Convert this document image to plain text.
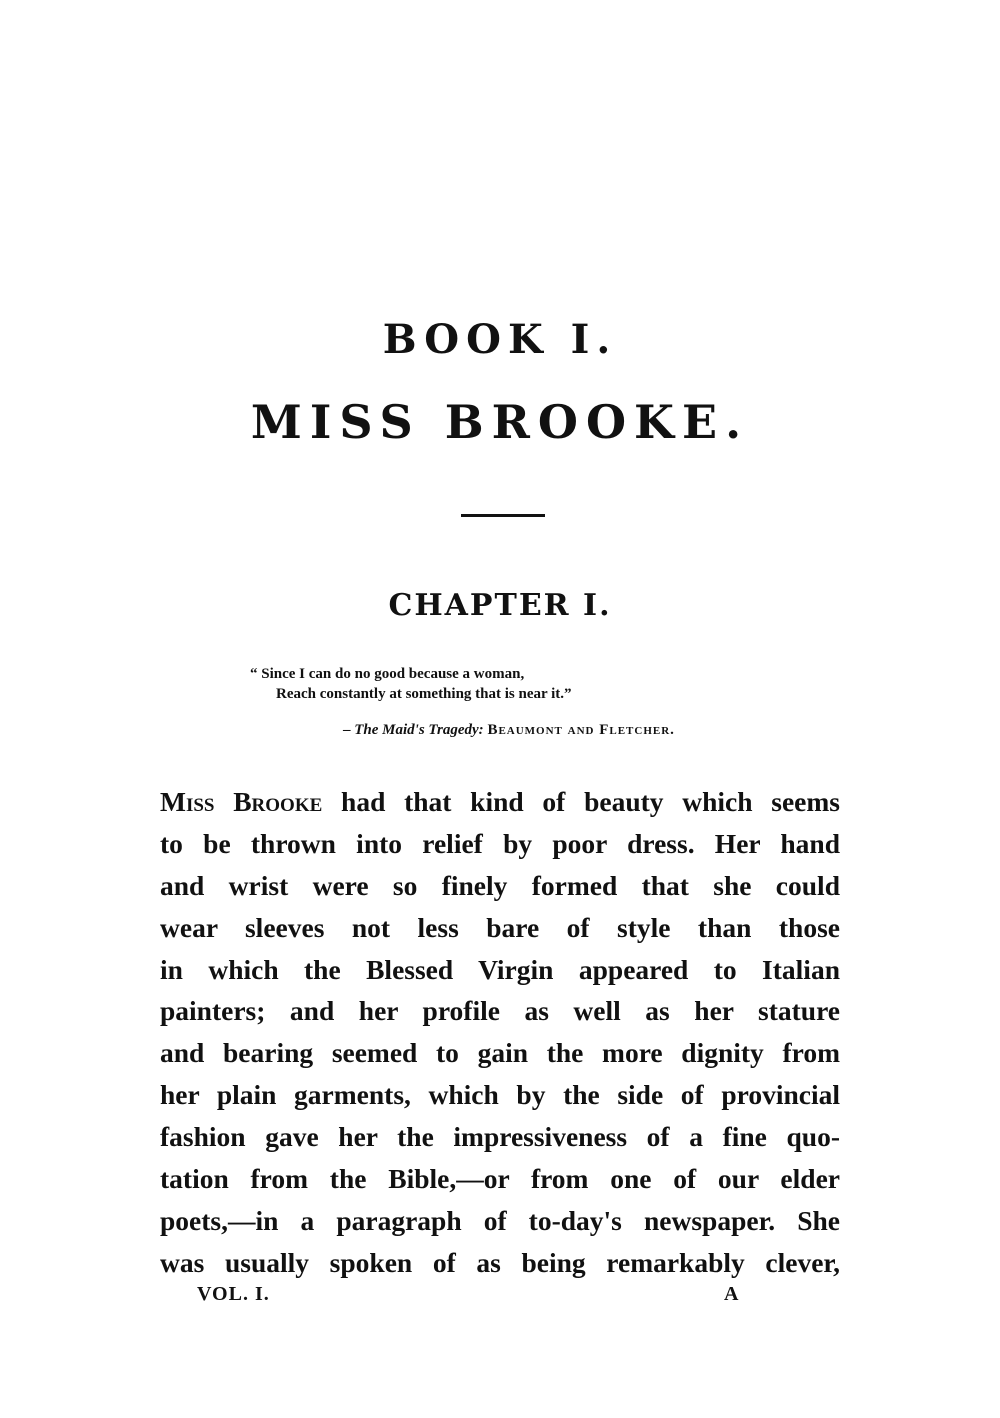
BOOK I.
MISS BROOKE.
CHAPTER I.
“ Since I can do no good because a woman,
Reach constantly at something that is near it.”
– The Maid's Tragedy: Beaumont and Fletcher.
Miss Brooke had that kind of beauty which seems
to be thrown into relief by poor dress. Her hand
and wrist were so finely formed that she could
wear sleeves not less bare of style than those
in which the Blessed Virgin appeared to Italian
painters; and her profile as well as her stature
and bearing seemed to gain the more dignity from
her plain garments, which by the side of provincial
fashion gave her the impressiveness of a fine quo-
tation from the Bible,—or from one of our elder
poets,—in a paragraph of to-day's newspaper. She
was usually spoken of as being remarkably clever,
VOL. I.	A
